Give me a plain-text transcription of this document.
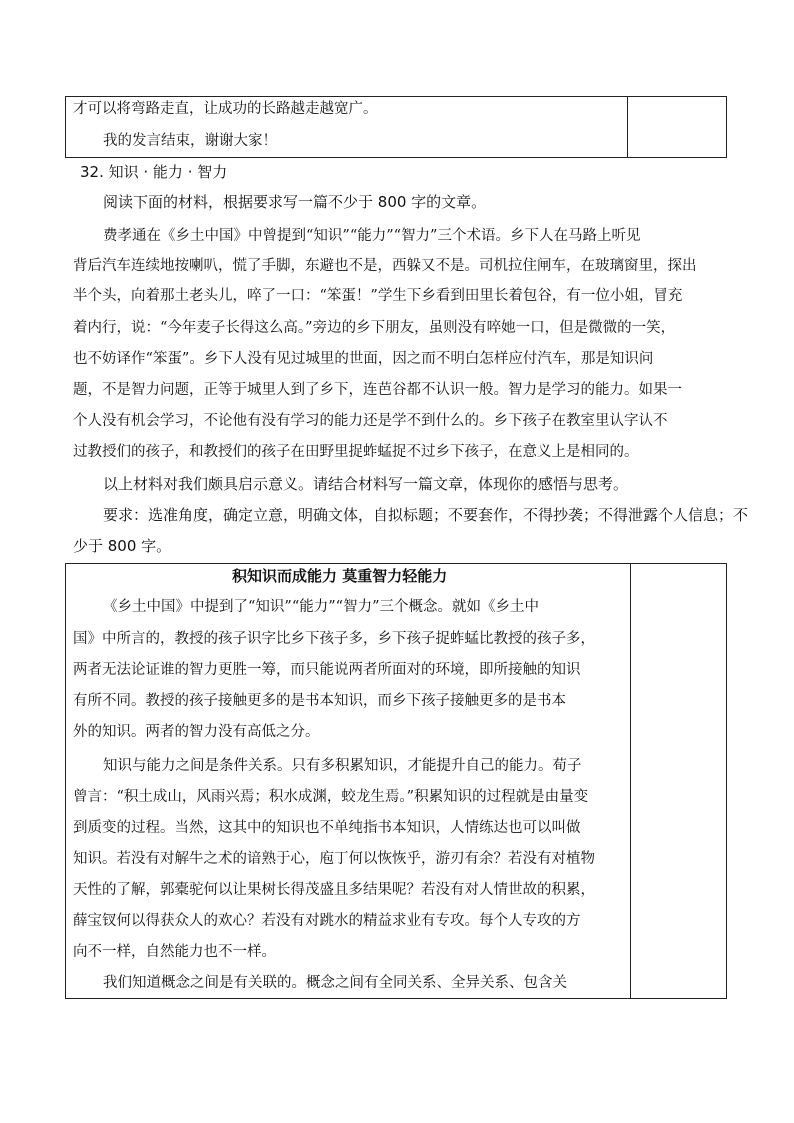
才可以将弯路走直，让成功的长路越走越宽广。
我的发言结束，谢谢大家！
32. 知识 · 能力 · 智力
阅读下面的材料，根据要求写一篇不少于 800 字的文章。
费孝通在《乡土中国》中曾提到“知识”“能力”“智力”三个术语。乡下人在马路上听见
背后汽车连续地按喇叭，慌了手脚，东避也不是，西躲又不是。司机拉住闸车，在玻璃窗里，探出
半个头，向着那土老头儿，啐了一口：“笨蛋！”学生下乡看到田里长着包谷，有一位小姐，冒充
着内行，说：“今年麦子长得这么高。”旁边的乡下朋友，虽则没有啐她一口，但是微微的一笑，
也不妨译作“笨蛋”。乡下人没有见过城里的世面，因之而不明白怎样应付汽车，那是知识问
题，不是智力问题，正等于城里人到了乡下，连芭谷都不认识一般。智力是学习的能力。如果一
个人没有机会学习，不论他有没有学习的能力还是学不到什么的。乡下孩子在教室里认字认不
过教授们的孩子，和教授们的孩子在田野里捉蚱蜢捉不过乡下孩子，在意义上是相同的。
以上材料对我们颇具启示意义。请结合材料写一篇文章，体现你的感悟与思考。
要求：选准角度，确定立意，明确文体，自拟标题；不要套作，不得抄袭；不得泄露个人信息；不
少于 800 字。
积知识而成能力 莫重智力轻能力
《乡土中国》中提到了“知识”“能力”“智力”三个概念。就如《乡土中
国》中所言的，教授的孩子识字比乡下孩子多，乡下孩子捉蚱蜢比教授的孩子多，
两者无法论证谁的智力更胜一筹，而只能说两者所面对的环境，即所接触的知识
有所不同。教授的孩子接触更多的是书本知识，而乡下孩子接触更多的是书本
外的知识。两者的智力没有高低之分。
知识与能力之间是条件关系。只有多积累知识，才能提升自己的能力。荀子
曾言：“积土成山，风雨兴焉；积水成渊，蛟龙生焉。”积累知识的过程就是由量变
到质变的过程。当然，这其中的知识也不单纯指书本知识，人情练达也可以叫做
知识。若没有对解牛之术的谙熟于心，庖丁何以恢恢乎，游刃有余？若没有对植物
天性的了解，郭橐驼何以让果树长得茂盛且多结果呢？若没有对人情世故的积累，
薛宝钗何以得获众人的欢心？若没有对跳水的精益求业有专攻。每个人专攻的方
向不一样，自然能力也不一样。
我们知道概念之间是有关联的。概念之间有全同关系、全异关系、包含关
